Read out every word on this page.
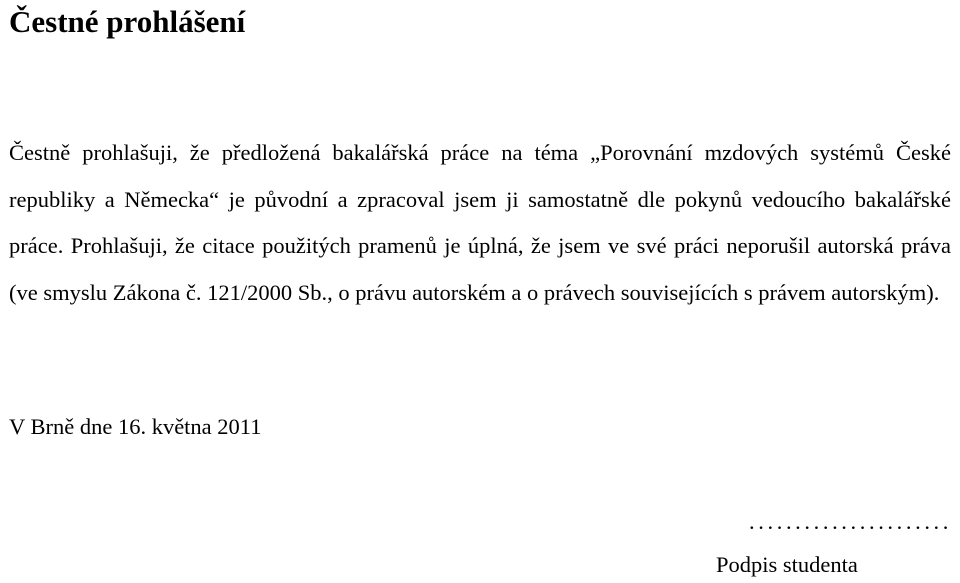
Čestné prohlášení

Čestně prohlašuji, že předložená bakalářská práce na téma „Porovnání mzdových systémů České republiky a Německa“ je původní a zpracoval jsem ji samostatně dle pokynů vedoucího bakalářské práce. Prohlašuji, že citace použitých pramenů je úplná, že jsem ve své práci neporušil autorská práva (ve smyslu Zákona č. 121/2000 Sb., o právu autorském a o právech souvisejících s právem autorským).

V Brně dne 16. května 2011

......................

Podpis studenta
